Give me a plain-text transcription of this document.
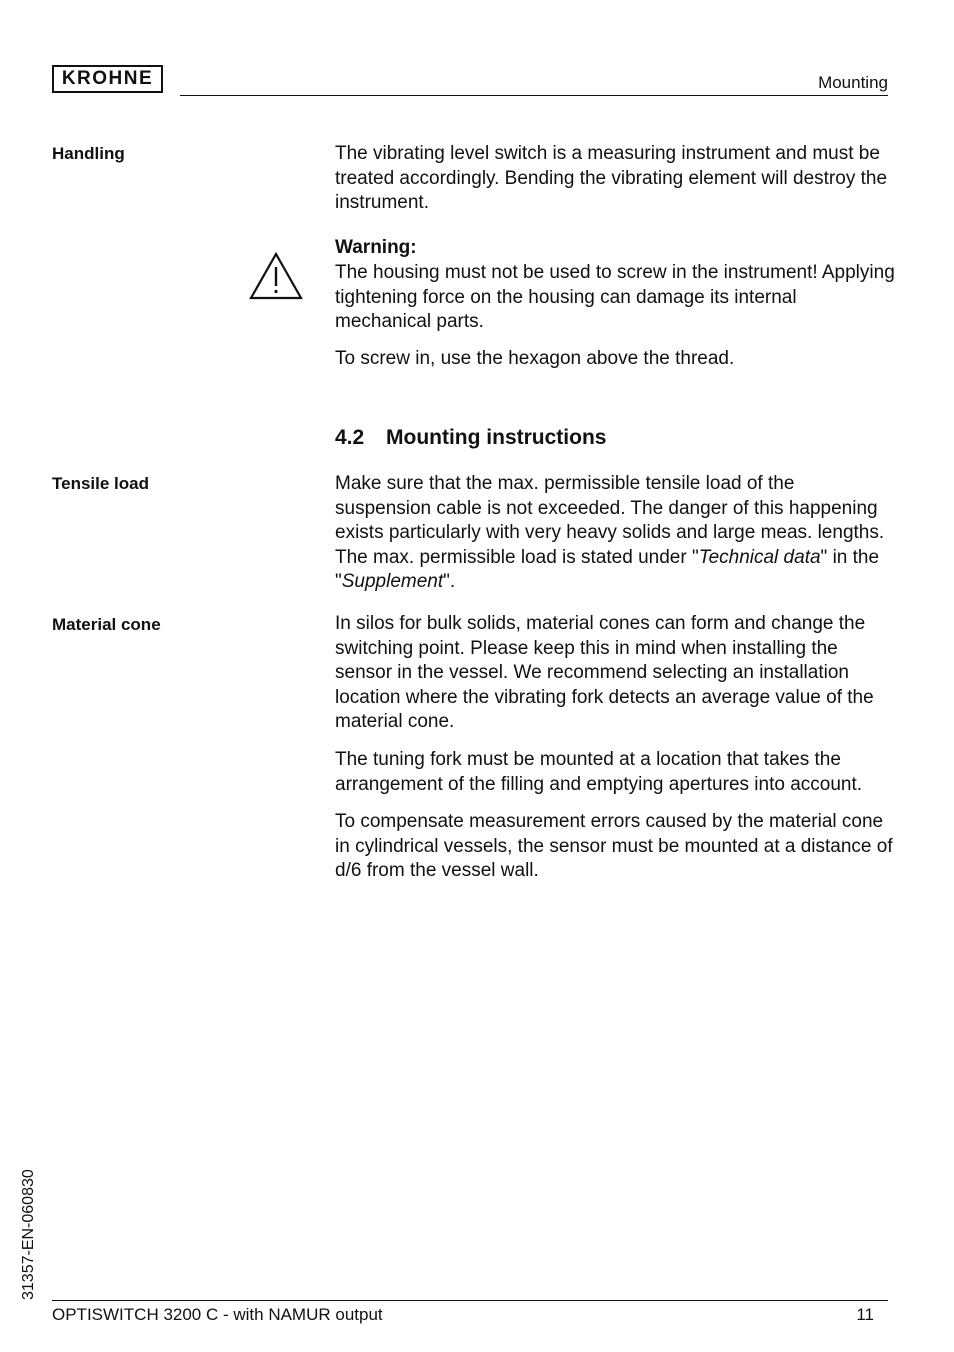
KROHNE	Mounting
Handling	The vibrating level switch is a measuring instrument and must be treated accordingly. Bending the vibrating element will destroy the instrument.
Warning:
The housing must not be used to screw in the instrument! Applying tightening force on the housing can damage its internal mechanical parts.
To screw in, use the hexagon above the thread.
4.2 Mounting instructions
Tensile load	Make sure that the max. permissible tensile load of the suspension cable is not exceeded. The danger of this happening exists particularly with very heavy solids and large meas. lengths. The max. permissible load is stated under "Technical data" in the "Supplement".
Material cone	In silos for bulk solids, material cones can form and change the switching point. Please keep this in mind when installing the sensor in the vessel. We recommend selecting an installation location where the vibrating fork detects an average value of the material cone.
The tuning fork must be mounted at a location that takes the arrangement of the filling and emptying apertures into account.
To compensate measurement errors caused by the material cone in cylindrical vessels, the sensor must be mounted at a distance of d/6 from the vessel wall.
31357-EN-060830
OPTISWITCH 3200 C - with NAMUR output	11
